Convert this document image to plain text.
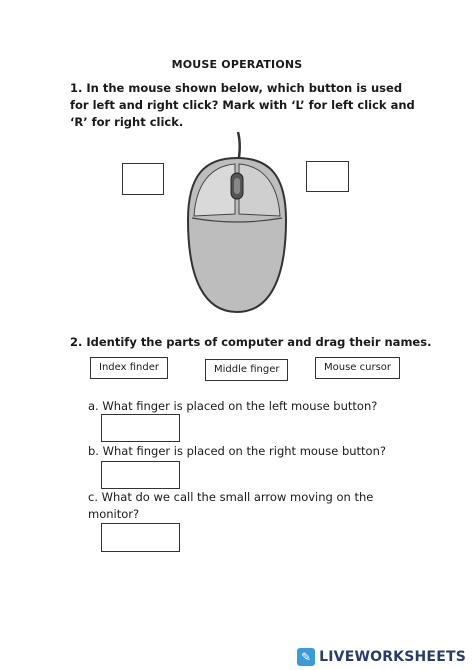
MOUSE OPERATIONS
1. In the mouse shown below, which button is used for left and right click? Mark with ‘L’ for left click and ‘R’ for right click.
2. Identify the parts of computer and drag their names.
Index finder	Middle finger	Mouse cursor
a. What finger is placed on the left mouse button?
b. What finger is placed on the right mouse button?
c. What do we call the small arrow moving on the monitor?
✎ LIVEWORKSHEETS
